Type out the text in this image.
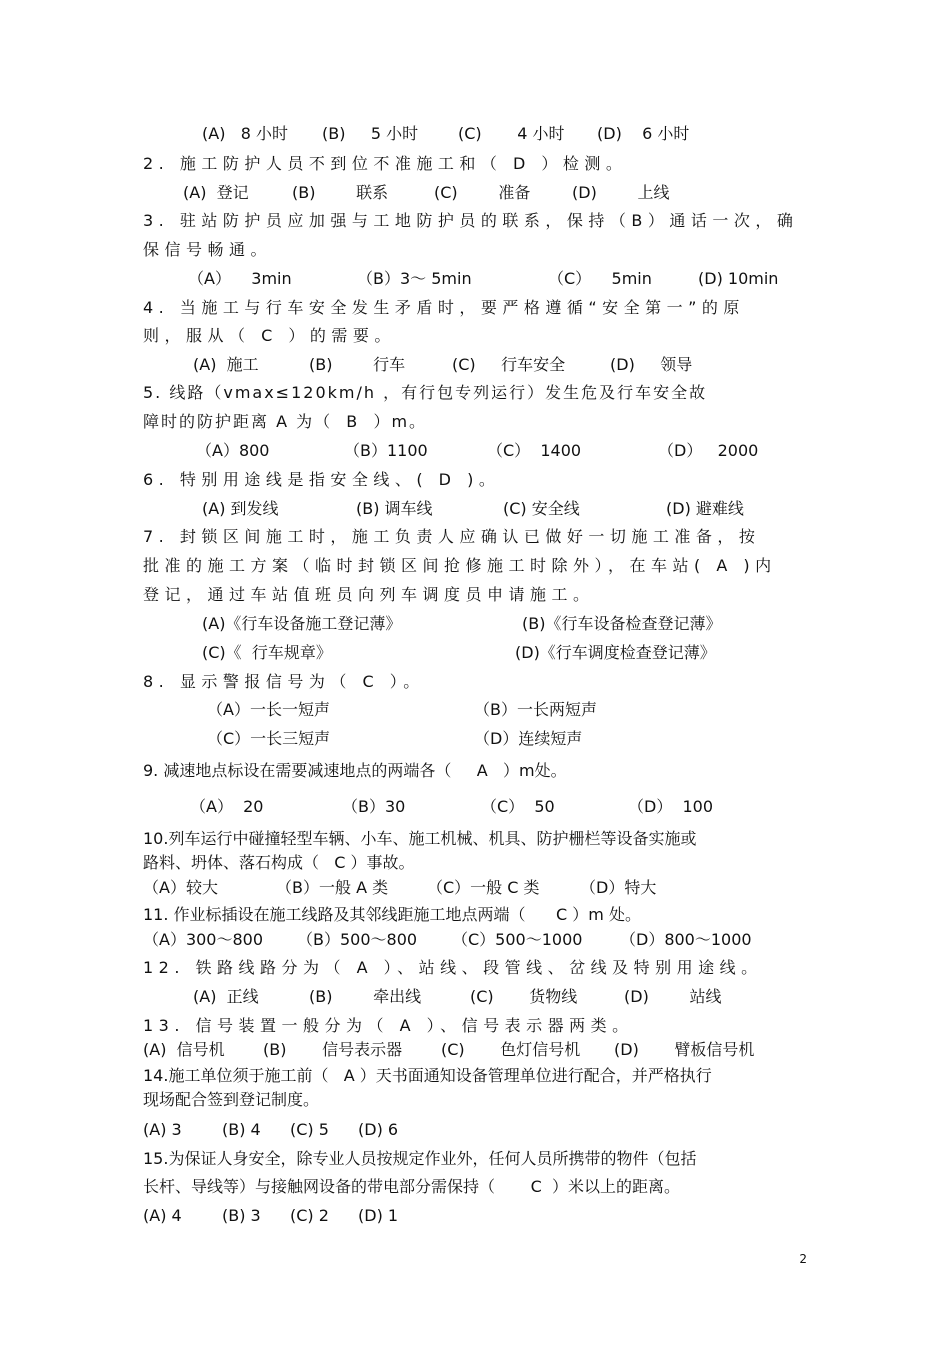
(A)   8 小时 (B)     5 小时 (C)       4 小时 (D)    6 小时
2. 施工防护人员不到位不准施工和（ D ）检测。
(A)  登记	(B)        联系	(C)        准备	(D)        上线
3. 驻站防护员应加强与工地防护员的联系，保持（B）通话一次，确
保信号畅通。
（A）    3min	（B）3～ 5min	（C）    5min	(D) 10min
4. 当施工与行车安全发生矛盾时，要严格遵循“安全第一”的原
则，服从（ C ）的需要。
(A)  施工	(B)        行车	(C)     行车安全	(D)     领导
5. 线路（vmax≤120km/h ，有行包专列运行）发生危及行车安全故
障时的防护距离 A 为（  B  ）m。
（A）800	（B）1100	（C）  1400	（D）   2000
6. 特别用途线是指安全线、( D )。
(A) 到发线	(B) 调车线	(C) 安全线	(D) 避难线
7. 封锁区间施工时，施工负责人应确认已做好一切施工准备，按
批准的施工方案（临时封锁区间抢修施工时除外），在车站( A )内
登记，通过车站值班员向列车调度员申请施工。
(A)《行车设备施工登记薄》	(B)《行车设备检查登记薄》
(C)《  行车规章》	(D)《行车调度检查登记薄》
8. 显示警报信号为（ C ）。
（A）一长一短声	（B）一长两短声
（C）一长三短声	（D）连续短声
9. 减速地点标设在需要减速地点的两端各（     A   ）m处。
（A）  20	（B）30	（C）  50	（D）  100
10.列车运行中碰撞轻型车辆、小车、施工机械、机具、防护栅栏等设备实施或
路料、坍体、落石构成（   C ）事故。
（A）较大	（B）一般 A 类 （C）一般 C 类	（D）特大
11. 作业标插设在施工线路及其邻线距施工地点两端（      C ）m 处。
（A）300～800 （B）500～800 （C）500～1000 （D）800～1000
12. 铁路线路分为（ A ）、站线、段管线、岔线及特别用途线。
(A)  正线	(B)        牵出线	(C)       货物线	(D)        站线
13. 信号装置一般分为（ A ）、信号表示器两类。
(A)  信号机 (B)       信号表示器 (C)       色灯信号机 (D)       臂板信号机
14.施工单位须于施工前（   A ）天书面通知设备管理单位进行配合，并严格执行
现场配合签到登记制度。
(A) 3	(B) 4 (C) 5 (D) 6
15.为保证人身安全，除专业人员按规定作业外，任何人员所携带的物件（包括
长杆、导线等）与接触网设备的带电部分需保持（       C  ）米以上的距离。
(A) 4	(B) 3 (C) 2 (D) 1
2
